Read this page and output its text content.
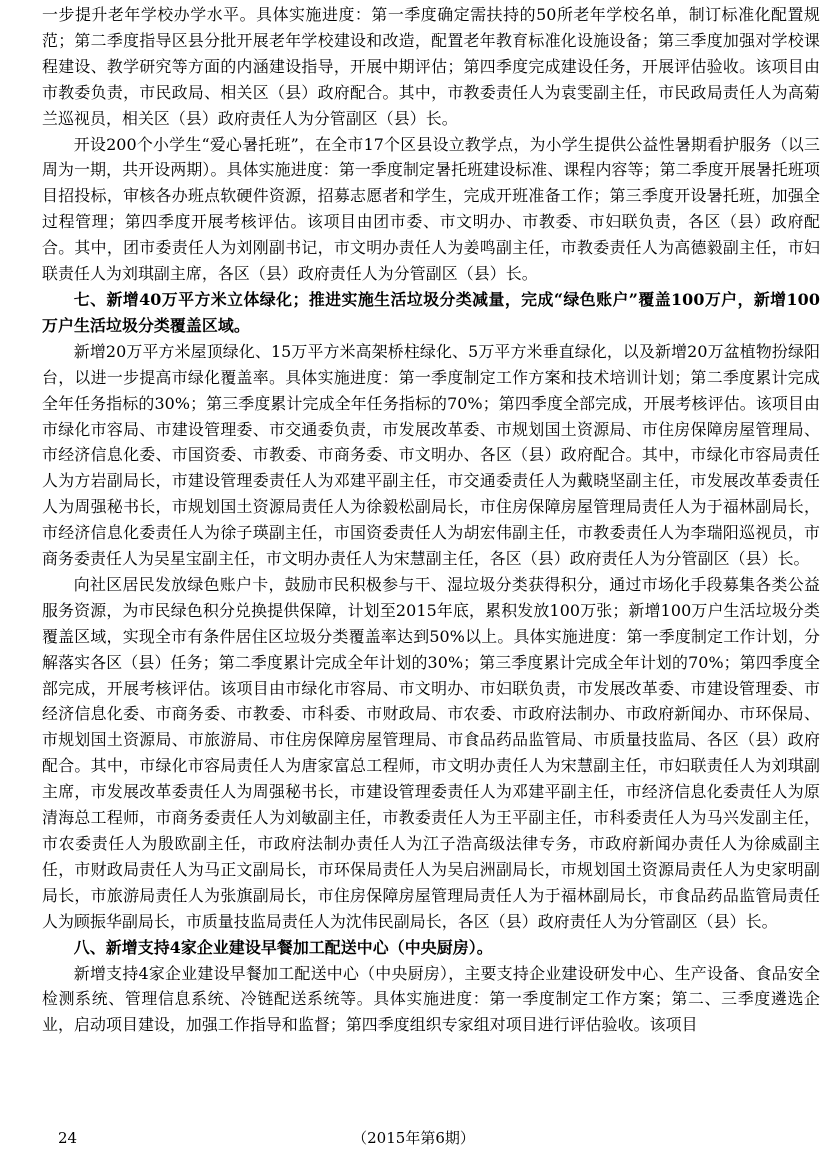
一步提升老年学校办学水平。具体实施进度：第一季度确定需扶持的50所老年学校名单，制订标准化配置规范；第二季度指导区县分批开展老年学校建设和改造，配置老年教育标准化设施设备；第三季度加强对学校课程建设、教学研究等方面的内涵建设指导，开展中期评估；第四季度完成建设任务，开展评估验收。该项目由市教委负责，市民政局、相关区（县）政府配合。其中，市教委责任人为袁雯副主任，市民政局责任人为高菊兰巡视员，相关区（县）政府责任人为分管副区（县）长。

开设200个小学生“爱心暑托班”，在全市17个区县设立教学点，为小学生提供公益性暑期看护服务（以三周为一期，共开设两期）。具体实施进度：第一季度制定暑托班建设标准、课程内容等；第二季度开展暑托班项目招投标，审核各办班点软硬件资源，招募志愿者和学生，完成开班准备工作；第三季度开设暑托班，加强全过程管理；第四季度开展考核评估。该项目由团市委、市文明办、市教委、市妇联负责，各区（县）政府配合。其中，团市委责任人为刘刚副书记，市文明办责任人为姜鸣副主任，市教委责任人为高德毅副主任，市妇联责任人为刘琪副主席，各区（县）政府责任人为分管副区（县）长。

七、新增40万平方米立体绿化；推进实施生活垃圾分类减量，完成“绿色账户”覆盖100万户，新增100万户生活垃圾分类覆盖区域。

新增20万平方米屋顶绿化、15万平方米高架桥柱绿化、5万平方米垂直绿化，以及新增20万盆植物扮绿阳台，以进一步提高市绿化覆盖率。具体实施进度：第一季度制定工作方案和技术培训计划；第二季度累计完成全年任务指标的30%；第三季度累计完成全年任务指标的70%；第四季度全部完成，开展考核评估。该项目由市绿化市容局、市建设管理委、市交通委负责，市发展改革委、市规划国土资源局、市住房保障房屋管理局、市经济信息化委、市国资委、市教委、市商务委、市文明办、各区（县）政府配合。其中，市绿化市容局责任人为方岩副局长，市建设管理委责任人为邓建平副主任，市交通委责任人为戴晓坚副主任，市发展改革委责任人为周强秘书长，市规划国土资源局责任人为徐毅松副局长，市住房保障房屋管理局责任人为于福林副局长，市经济信息化委责任人为徐子瑛副主任，市国资委责任人为胡宏伟副主任，市教委责任人为李瑞阳巡视员，市商务委责任人为吴星宝副主任，市文明办责任人为宋慧副主任，各区（县）政府责任人为分管副区（县）长。

向社区居民发放绿色账户卡，鼓励市民积极参与干、湿垃圾分类获得积分，通过市场化手段募集各类公益服务资源，为市民绿色积分兑换提供保障，计划至2015年底，累积发放100万张；新增100万户生活垃圾分类覆盖区域，实现全市有条件居住区垃圾分类覆盖率达到50%以上。具体实施进度：第一季度制定工作计划，分解落实各区（县）任务；第二季度累计完成全年计划的30%；第三季度累计完成全年计划的70%；第四季度全部完成，开展考核评估。该项目由市绿化市容局、市文明办、市妇联负责，市发展改革委、市建设管理委、市经济信息化委、市商务委、市教委、市科委、市财政局、市农委、市政府法制办、市政府新闻办、市环保局、市规划国土资源局、市旅游局、市住房保障房屋管理局、市食品药品监管局、市质量技监局、各区（县）政府配合。其中，市绿化市容局责任人为唐家富总工程师，市文明办责任人为宋慧副主任，市妇联责任人为刘琪副主席，市发展改革委责任人为周强秘书长，市建设管理委责任人为邓建平副主任，市经济信息化委责任人为原清海总工程师，市商务委责任人为刘敏副主任，市教委责任人为王平副主任，市科委责任人为马兴发副主任，市农委责任人为殷欧副主任，市政府法制办责任人为江子浩高级法律专务，市政府新闻办责任人为徐威副主任，市财政局责任人为马正文副局长，市环保局责任人为吴启洲副局长，市规划国土资源局责任人为史家明副局长，市旅游局责任人为张旗副局长，市住房保障房屋管理局责任人为于福林副局长，市食品药品监管局责任人为顾振华副局长，市质量技监局责任人为沈伟民副局长，各区（县）政府责任人为分管副区（县）长。

八、新增支持4家企业建设早餐加工配送中心（中央厨房）。

新增支持4家企业建设早餐加工配送中心（中央厨房），主要支持企业建设研发中心、生产设备、食品安全检测系统、管理信息系统、冷链配送系统等。具体实施进度：第一季度制定工作方案；第二、三季度遴选企业，启动项目建设，加强工作指导和监督；第四季度组织专家组对项目进行评估验收。该项目

24	（2015年第6期）
